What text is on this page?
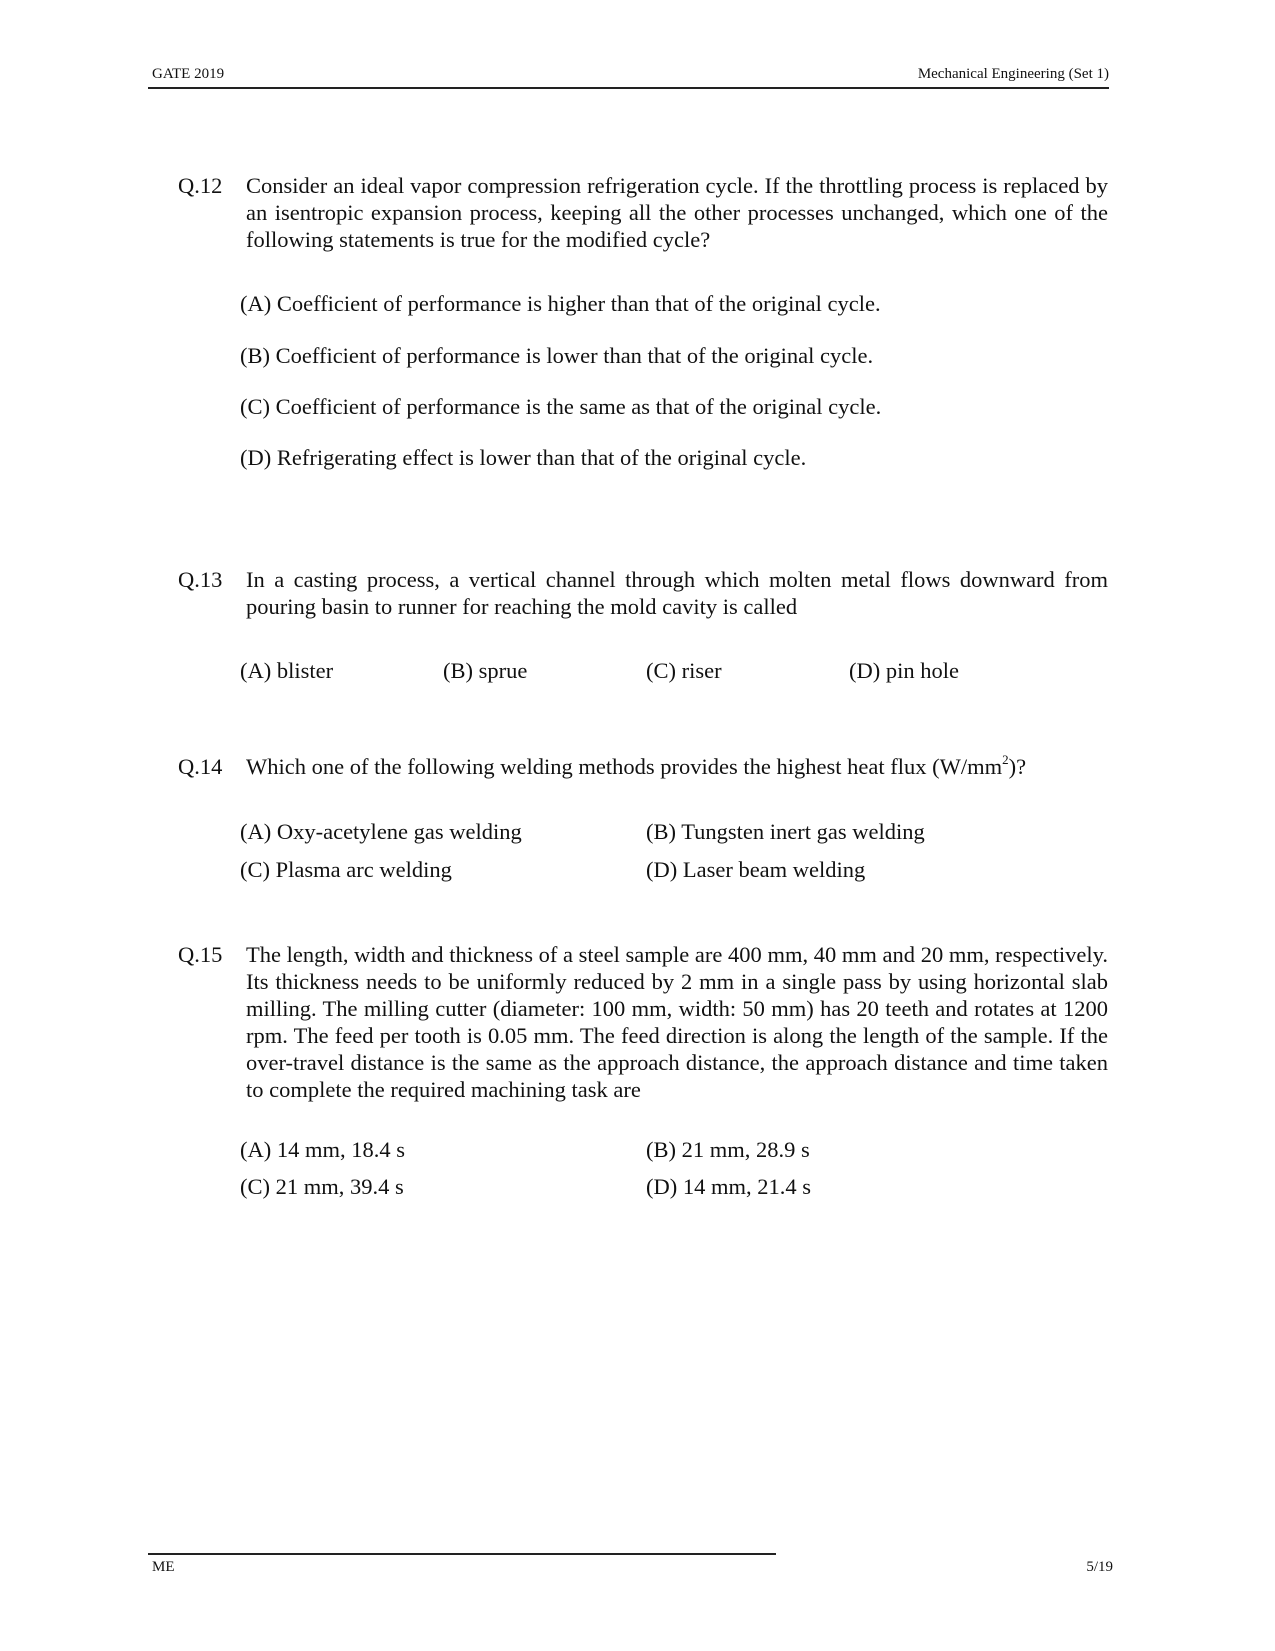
GATE 2019	Mechanical Engineering (Set 1)
Q.12 Consider an ideal vapor compression refrigeration cycle. If the throttling process is replaced by an isentropic expansion process, keeping all the other processes unchanged, which one of the following statements is true for the modified cycle?
(A) Coefficient of performance is higher than that of the original cycle.
(B) Coefficient of performance is lower than that of the original cycle.
(C) Coefficient of performance is the same as that of the original cycle.
(D) Refrigerating effect is lower than that of the original cycle.
Q.13 In a casting process, a vertical channel through which molten metal flows downward from pouring basin to runner for reaching the mold cavity is called
(A) blister	(B) sprue	(C) riser	(D) pin hole
Q.14 Which one of the following welding methods provides the highest heat flux $(W/mm^2)$?
(A) Oxy-acetylene gas welding	(B) Tungsten inert gas welding
(C) Plasma arc welding	(D) Laser beam welding
Q.15 The length, width and thickness of a steel sample are 400 mm, 40 mm and 20 mm, respectively. Its thickness needs to be uniformly reduced by 2 mm in a single pass by using horizontal slab milling. The milling cutter (diameter: 100 mm, width: 50 mm) has 20 teeth and rotates at 1200 rpm. The feed per tooth is 0.05 mm. The feed direction is along the length of the sample. If the over-travel distance is the same as the approach distance, the approach distance and time taken to complete the required machining task are
(A) 14 mm, 18.4 s	(B) 21 mm, 28.9 s
(C) 21 mm, 39.4 s	(D) 14 mm, 21.4 s
ME	5/19
